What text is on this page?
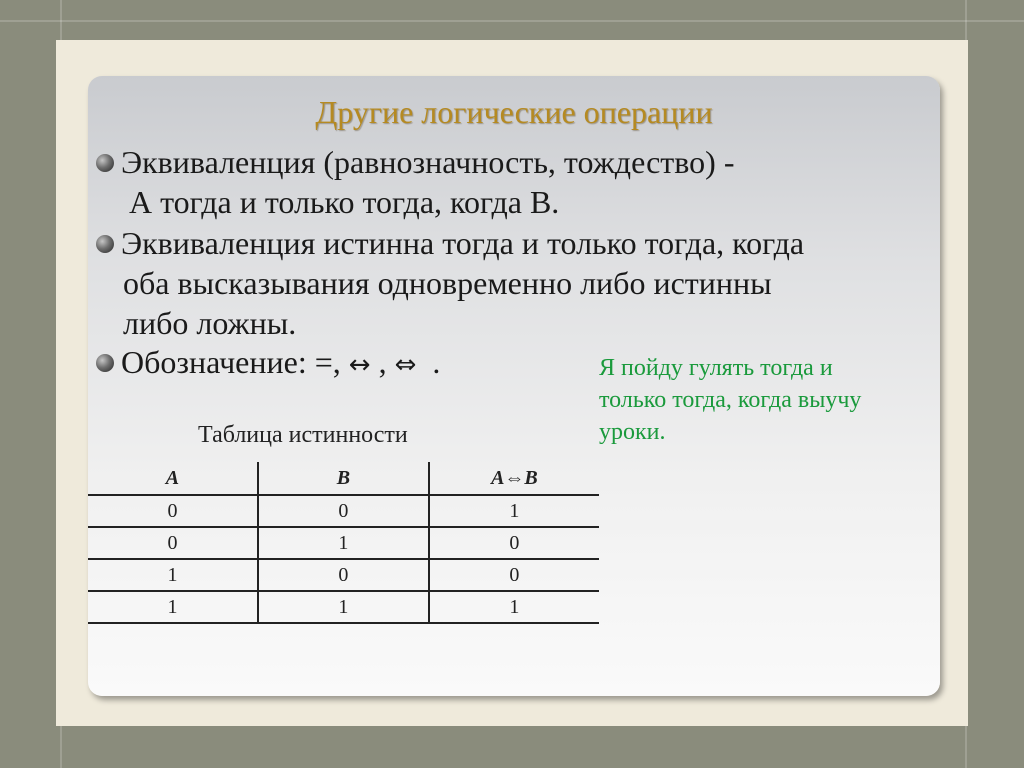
Другие логические операции
Эквиваленция (равнозначность, тождество) -
А тогда и только тогда, когда В.
Эквиваленция истинна тогда и только тогда, когда
оба высказывания одновременно либо истинны
либо ложны.
Обозначение: =, ↔ , ⇔  .	Я пойду гулять тогда и только тогда, когда выучу уроки.

Таблица истинности

A	B	A⇔B
0	0	1
0	1	0
1	0	0
1	1	1
